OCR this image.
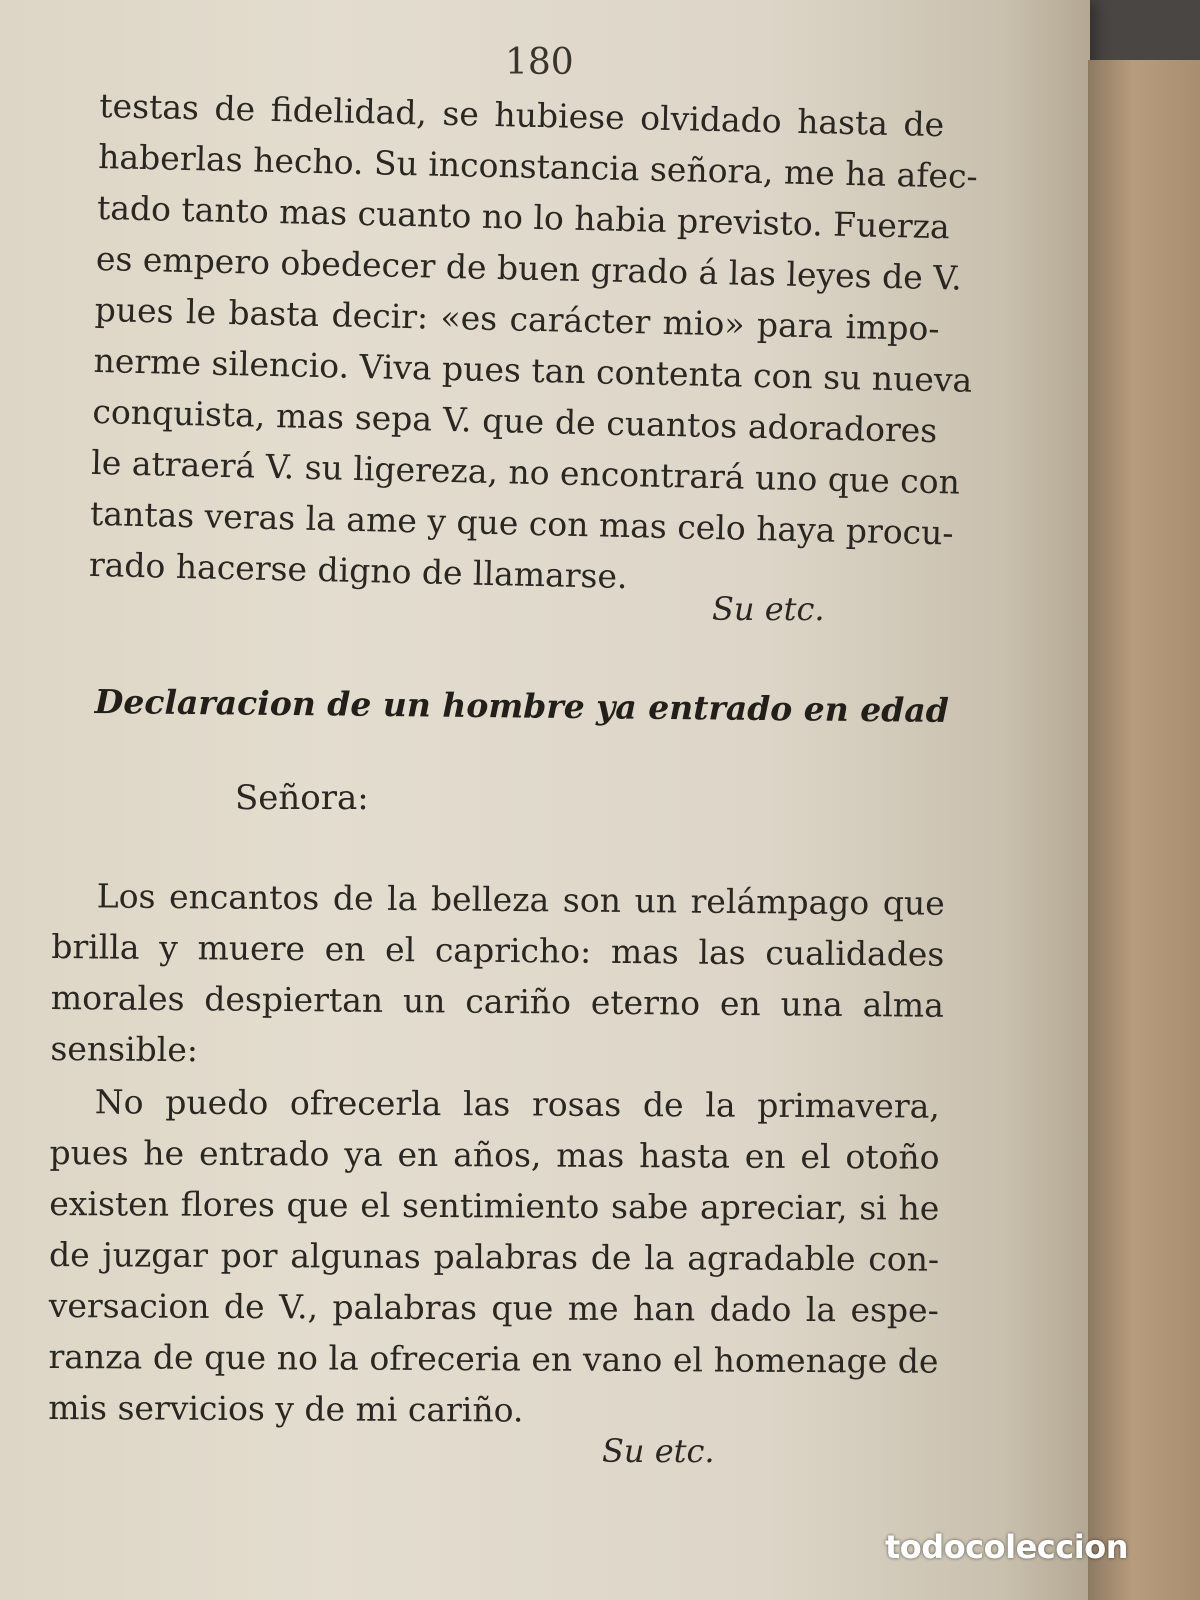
180
testas de fidelidad, se hubiese olvidado hasta de
haberlas hecho. Su inconstancia señora, me ha afec-
tado tanto mas cuanto no lo habia previsto. Fuerza
es empero obedecer de buen grado á las leyes de V.
pues le basta decir: «es carácter mio» para impo-
nerme silencio. Viva pues tan contenta con su nueva
conquista, mas sepa V. que de cuantos adoradores
le atraerá V. su ligereza, no encontrará uno que con
tantas veras la ame y que con mas celo haya procu-
rado hacerse digno de llamarse.
Su etc.
Declaracion de un hombre ya entrado en edad
Señora:
Los encantos de la belleza son un relámpago que
brilla y muere en el capricho: mas las cualidades
morales despiertan un cariño eterno en una alma
sensible:
No puedo ofrecerla las rosas de la primavera,
pues he entrado ya en años, mas hasta en el otoño
existen flores que el sentimiento sabe apreciar, si he
de juzgar por algunas palabras de la agradable con-
versacion de V., palabras que me han dado la espe-
ranza de que no la ofreceria en vano el homenage de
mis servicios y de mi cariño.
Su etc.
todocoleccion
